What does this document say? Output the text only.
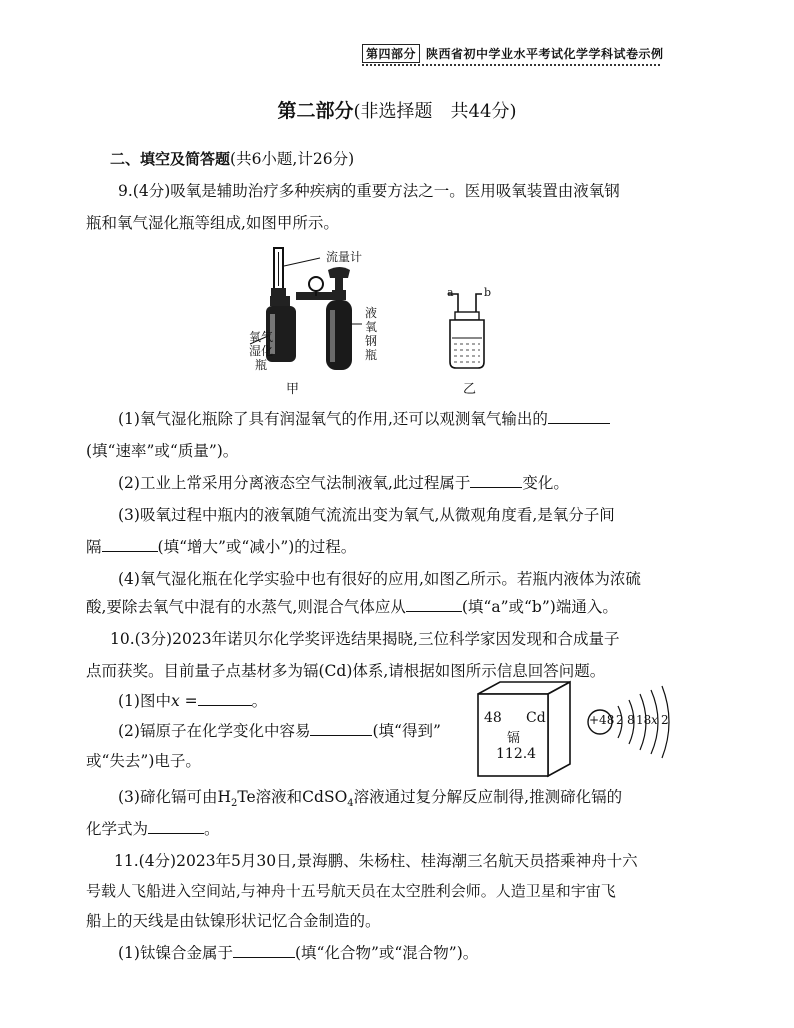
第四部分 陕西省初中学业水平考试化学学科试卷示例
第二部分(非选择题　共44分)
二、填空及简答题(共6小题,计26分)
9.(4分)吸氧是辅助治疗多种疾病的重要方法之一。医用吸氧装置由液氧钢
瓶和氧气湿化瓶等组成,如图甲所示。
流量计
氧气湿化瓶
液氧钢瓶
甲
a	b
乙
(1)氧气湿化瓶除了具有润湿氧气的作用,还可以观测氧气输出的
(填“速率”或“质量”)。
(2)工业上常采用分离液态空气法制液氧,此过程属于	变化。
(3)吸氧过程中瓶内的液氧随气流流出变为氧气,从微观角度看,是氧分子间
隔	(填“增大”或“减小”)的过程。
(4)氧气湿化瓶在化学实验中也有很好的应用,如图乙所示。若瓶内液体为浓硫
酸,要除去氧气中混有的水蒸气,则混合气体应从	(填“a”或“b”)端通入。
10.(3分)2023年诺贝尔化学奖评选结果揭晓,三位科学家因发现和合成量子
点而获奖。目前量子点基材多为镉(Cd)体系,请根据如图所示信息回答问题。
(1)图中x =	。
(2)镉原子在化学变化中容易	(填“得到”
或“失去”)电子。
48 Cd
镉
112.4
+48 2 8 18 x 2
(3)碲化镉可由$H_2Te$溶液和CdSO$_4$溶液通过复分解反应制得,推测碲化镉的
化学式为	。
11.(4分)2023年5月30日,景海鹏、朱杨柱、桂海潮三名航天员搭乘神舟十六
号载人飞船进入空间站,与神舟十五号航天员在太空胜利会师。人造卫星和宇宙飞
船上的天线是由钛镍形状记忆合金制造的。
(1)钛镍合金属于	(填“化合物”或“混合物”)。
